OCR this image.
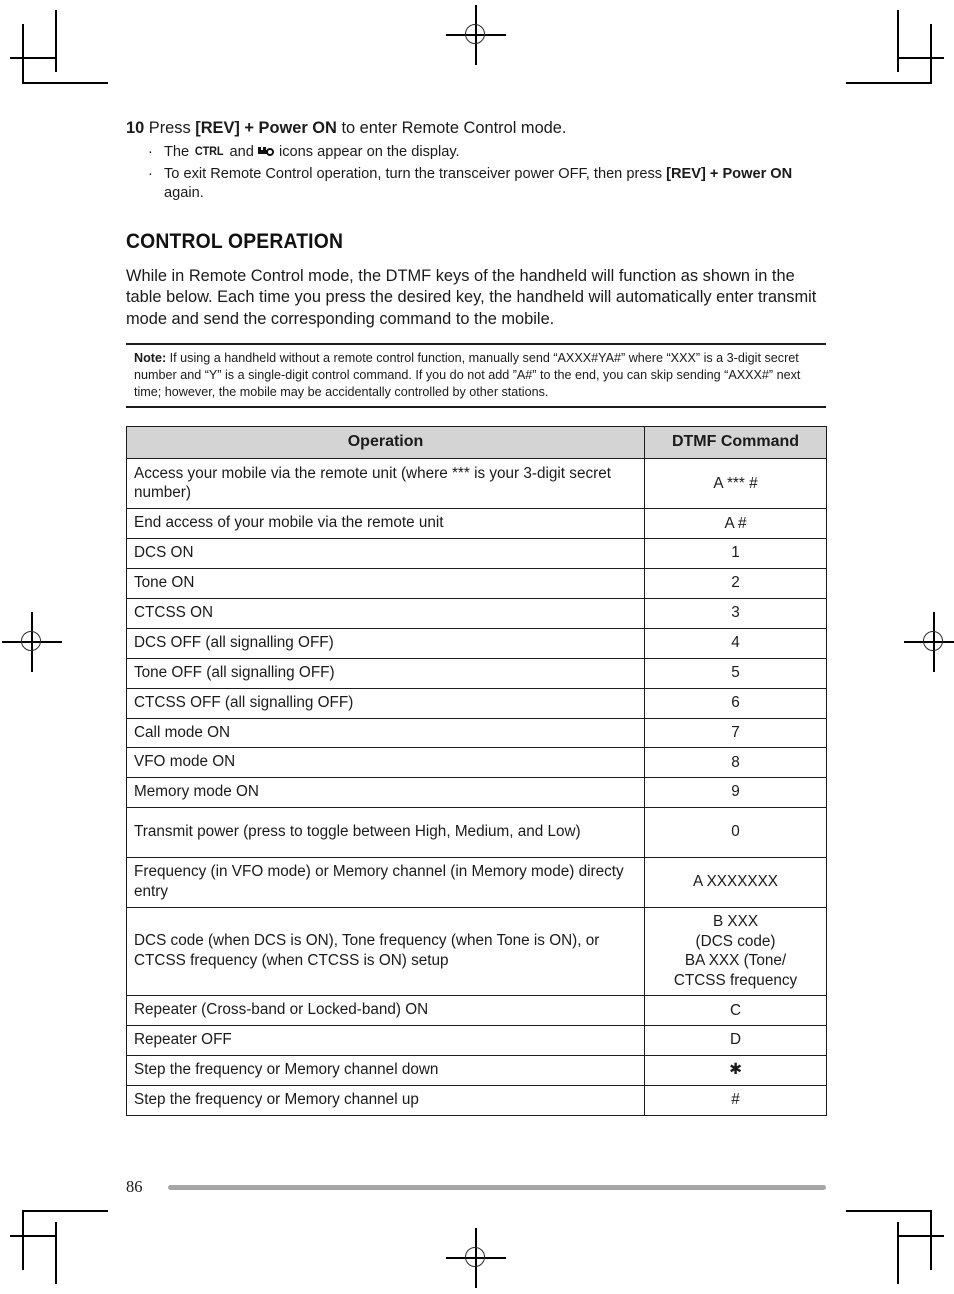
10 Press [REV] + Power ON to enter Remote Control mode.
· The CTRL and
icons appear on the display.
· To exit Remote Control operation, turn the transceiver power OFF, then press [REV] + Power ON again.
CONTROL OPERATION

While in Remote Control mode, the DTMF keys of the handheld will function as shown in the table below. Each time you press the desired key, the handheld will automatically enter transmit mode and send the corresponding command to the mobile.

Note: If using a handheld without a remote control function, manually send “AXXX#YA#” where “XXX” is a 3-digit secret number and “Y” is a single-digit control command. If you do not add ”A#” to the end, you can skip sending “AXXX#” next time; however, the mobile may be accidentally controlled by other stations.

Operation	DTMF Command
Access your mobile via the remote unit (where *** is your 3-digit secret number)	A *** #

End access of your mobile via the remote unit	A #

DCS ON	1

Tone ON	2

CTCSS ON	3

DCS OFF (all signalling OFF)	4

Tone OFF (all signalling OFF)	5

CTCSS OFF (all signalling OFF)	6

Call mode ON	7

VFO mode ON	8

Memory mode ON	9

Transmit power (press to toggle between High, Medium, and Low)	0

Frequency (in VFO mode) or Memory channel (in Memory mode) directy entry	A XXXXXXX

DCS code (when DCS is ON), Tone frequency (when Tone is ON), or CTCSS frequency (when CTCSS is ON) setup	B XXX
(DCS code)
BA XXX (Tone/
CTCSS frequency

Repeater (Cross-band or Locked-band) ON	C

Repeater OFF	D

Step the frequency or Memory channel down	✱

Step the frequency or Memory channel up	#
86
